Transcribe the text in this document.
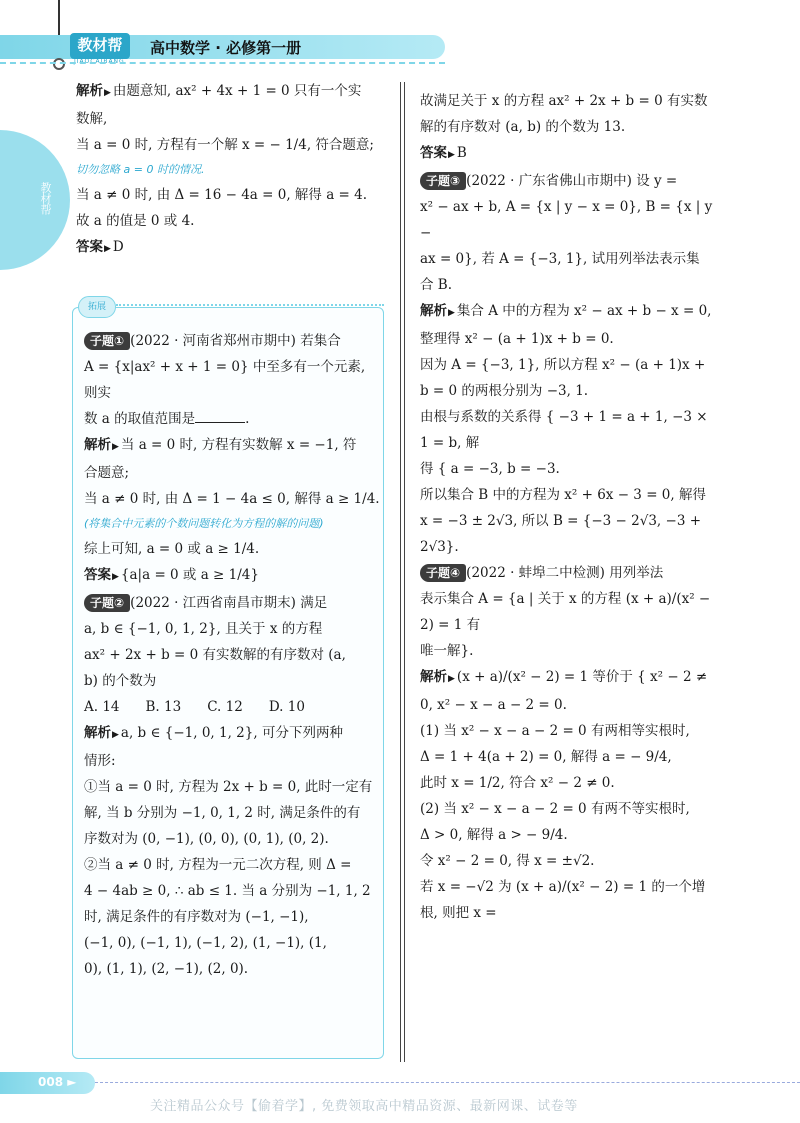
教材帮
JIAOCAIBANG
高中数学 · 必修第一册
教材帮
解析▶ 由题意知, ax² + 4x + 1 = 0 只有一个实
数解,
当 a = 0 时, 方程有一个解 x = − 1/4, 符合题意;
切勿忽略 a = 0 时的情况.
当 a ≠ 0 时, 由 Δ = 16 − 4a = 0, 解得 a = 4.
故 a 的值是 0 或 4.
答案▶ D
拓展
子题① (2022 · 河南省郑州市期中) 若集合
A = {x|ax² + x + 1 = 0} 中至多有一个元素, 则实
数 a 的取值范围是	.
解析▶ 当 a = 0 时, 方程有实数解 x = −1, 符
合题意;
当 a ≠ 0 时, 由 Δ = 1 − 4a ≤ 0, 解得 a ≥ 1/4.
(将集合中元素的个数问题转化为方程的解的问题)
综上可知, a = 0 或 a ≥ 1/4.
答案▶ {a|a = 0 或 a ≥ 1/4}
子题② (2022 · 江西省南昌市期末) 满足
a, b ∈ {−1, 0, 1, 2}, 且关于 x 的方程
ax² + 2x + b = 0 有实数解的有序数对 (a,
b) 的个数为
A. 14 B. 13 C. 12 D. 10
解析▶ a, b ∈ {−1, 0, 1, 2}, 可分下列两种
情形:
①当 a = 0 时, 方程为 2x + b = 0, 此时一定有
解, 当 b 分别为 −1, 0, 1, 2 时, 满足条件的有
序数对为 (0, −1), (0, 0), (0, 1), (0, 2).
②当 a ≠ 0 时, 方程为一元二次方程, 则 Δ =
4 − 4ab ≥ 0, ∴ ab ≤ 1. 当 a 分别为 −1, 1, 2
时, 满足条件的有序数对为 (−1, −1),
(−1, 0), (−1, 1), (−1, 2), (1, −1), (1,
0), (1, 1), (2, −1), (2, 0).
故满足关于 x 的方程 ax² + 2x + b = 0 有实数
解的有序数对 (a, b) 的个数为 13.
答案▶ B
子题③ (2022 · 广东省佛山市期中) 设 y =
x² − ax + b, A = {x | y − x = 0}, B = {x | y −
ax = 0}, 若 A = {−3, 1}, 试用列举法表示集
合 B.
解析▶ 集合 A 中的方程为 x² − ax + b − x = 0,
整理得 x² − (a + 1)x + b = 0.
因为 A = {−3, 1}, 所以方程 x² − (a + 1)x +
b = 0 的两根分别为 −3, 1.
由根与系数的关系得 { −3 + 1 = a + 1, −3 × 1 = b, 解
得 { a = −3, b = −3.
所以集合 B 中的方程为 x² + 6x − 3 = 0, 解得
x = −3 ± 2√3, 所以 B = {−3 − 2√3, −3 +
2√3}.
子题④ (2022 · 蚌埠二中检测) 用列举法
表示集合 A = {a | 关于 x 的方程 (x + a)/(x² − 2) = 1 有
唯一解}.
解析▶ (x + a)/(x² − 2) = 1 等价于 { x² − 2 ≠ 0, x² − x − a − 2 = 0.
(1) 当 x² − x − a − 2 = 0 有两相等实根时,
Δ = 1 + 4(a + 2) = 0, 解得 a = − 9/4,
此时 x = 1/2, 符合 x² − 2 ≠ 0.
(2) 当 x² − x − a − 2 = 0 有两不等实根时,
Δ > 0, 解得 a > − 9/4.
令 x² − 2 = 0, 得 x = ±√2.
若 x = −√2 为 (x + a)/(x² − 2) = 1 的一个增根, 则把 x =
008 ►
关注精品公众号【偷着学】, 免费领取高中精品资源、最新网课、试卷等
